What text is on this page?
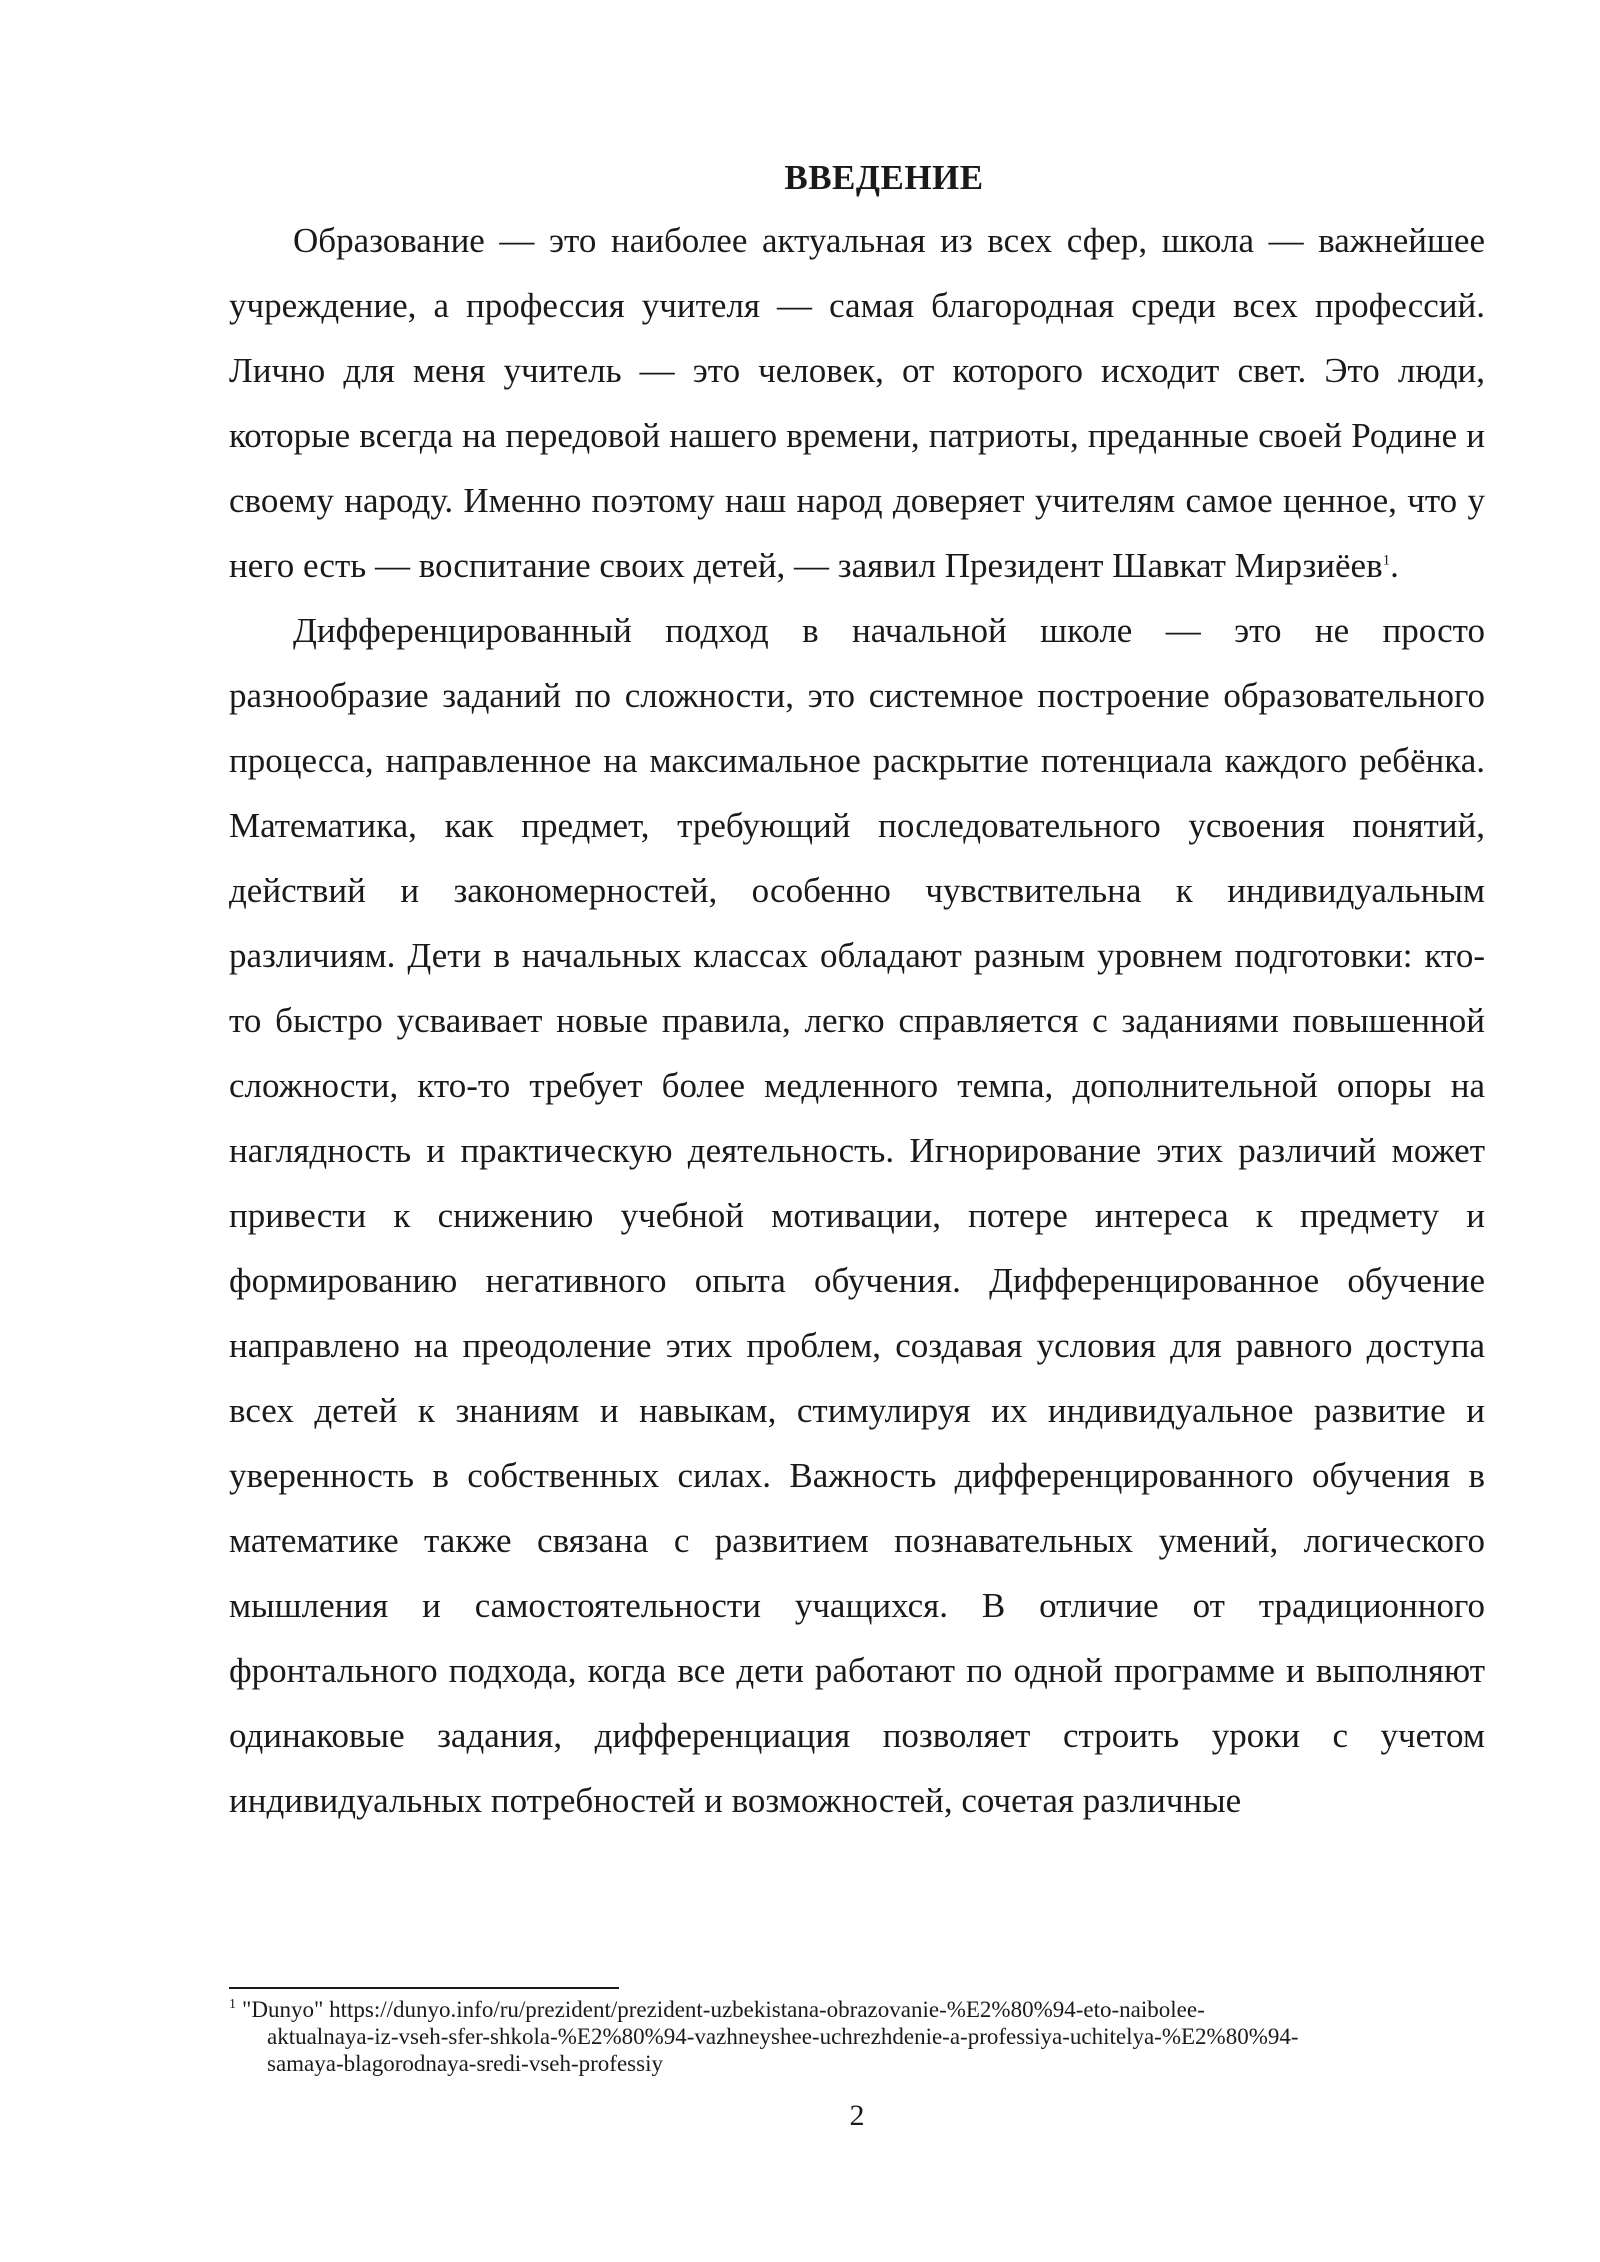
ВВЕДЕНИЕ

Образование — это наиболее актуальная из всех сфер, школа — важнейшее учреждение, а профессия учителя — самая благородная среди всех профессий. Лично для меня учитель — это человек, от которого исходит свет. Это люди, которые всегда на передовой нашего времени, патриоты, преданные своей Родине и своему народу. Именно поэтому наш народ доверяет учителям самое ценное, что у него есть — воспитание своих детей, — заявил Президент Шавкат Мирзиёев$^1$.

Дифференцированный подход в начальной школе — это не просто разнообразие заданий по сложности, это системное построение образовательного процесса, направленное на максимальное раскрытие потенциала каждого ребёнка. Математика, как предмет, требующий последовательного усвоения понятий, действий и закономерностей, особенно чувствительна к индивидуальным различиям. Дети в начальных классах обладают разным уровнем подготовки: кто-то быстро усваивает новые правила, легко справляется с заданиями повышенной сложности, кто-то требует более медленного темпа, дополнительной опоры на наглядность и практическую деятельность. Игнорирование этих различий может привести к снижению учебной мотивации, потере интереса к предмету и формированию негативного опыта обучения. Дифференцированное обучение направлено на преодоление этих проблем, создавая условия для равного доступа всех детей к знаниям и навыкам, стимулируя их индивидуальное развитие и уверенность в собственных силах. Важность дифференцированного обучения в математике также связана с развитием познавательных умений, логического мышления и самостоятельности учащихся. В отличие от традиционного фронтального подхода, когда все дети работают по одной программе и выполняют одинаковые задания, дифференциация позволяет строить уроки с учетом индивидуальных потребностей и возможностей, сочетая различные

$^1$ "Dunyo" https://dunyo.info/ru/prezident/prezident-uzbekistana-obrazovanie-%E2%80%94-eto-naibolee-
aktualnaya-iz-vseh-sfer-shkola-%E2%80%94-vazhneyshee-uchrezhdenie-a-professiya-uchitelya-%E2%80%94-
samaya-blagorodnaya-sredi-vseh-professiy
2
